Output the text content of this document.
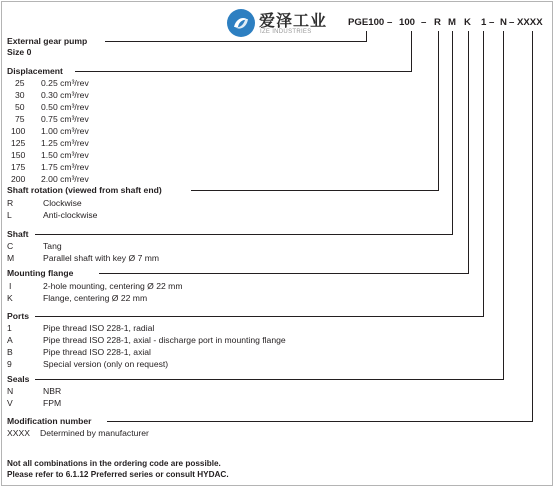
爱泽工业
IZE INDUSTRIES
PGE100 – 100 – R M K 1 – N – XXXX
External gear pump
Size 0
Displacement
25 0.25 cm³/rev
30 0.30 cm³/rev
50 0.50 cm³/rev
75 0.75 cm³/rev
100 1.00 cm³/rev
125 1.25 cm³/rev
150 1.50 cm³/rev
175 1.75 cm³/rev
200 2.00 cm³/rev
Shaft rotation (viewed from shaft end)
R	Clockwise
L	Anti-clockwise
Shaft
C	Tang
M	Parallel shaft with key Ø 7 mm
Mounting flange
I	2-hole mounting, centering Ø 22 mm
K	Flange, centering Ø 22 mm
Ports
1	Pipe thread ISO 228-1, radial
A	Pipe thread ISO 228-1, axial - discharge port in mounting flange
B	Pipe thread ISO 228-1, axial
9	Special version (only on request)
Seals
N	NBR
V	FPM
Modification number
XXXX Determined by manufacturer
Not all combinations in the ordering code are possible.
Please refer to 6.1.12 Preferred series or consult HYDAC.
